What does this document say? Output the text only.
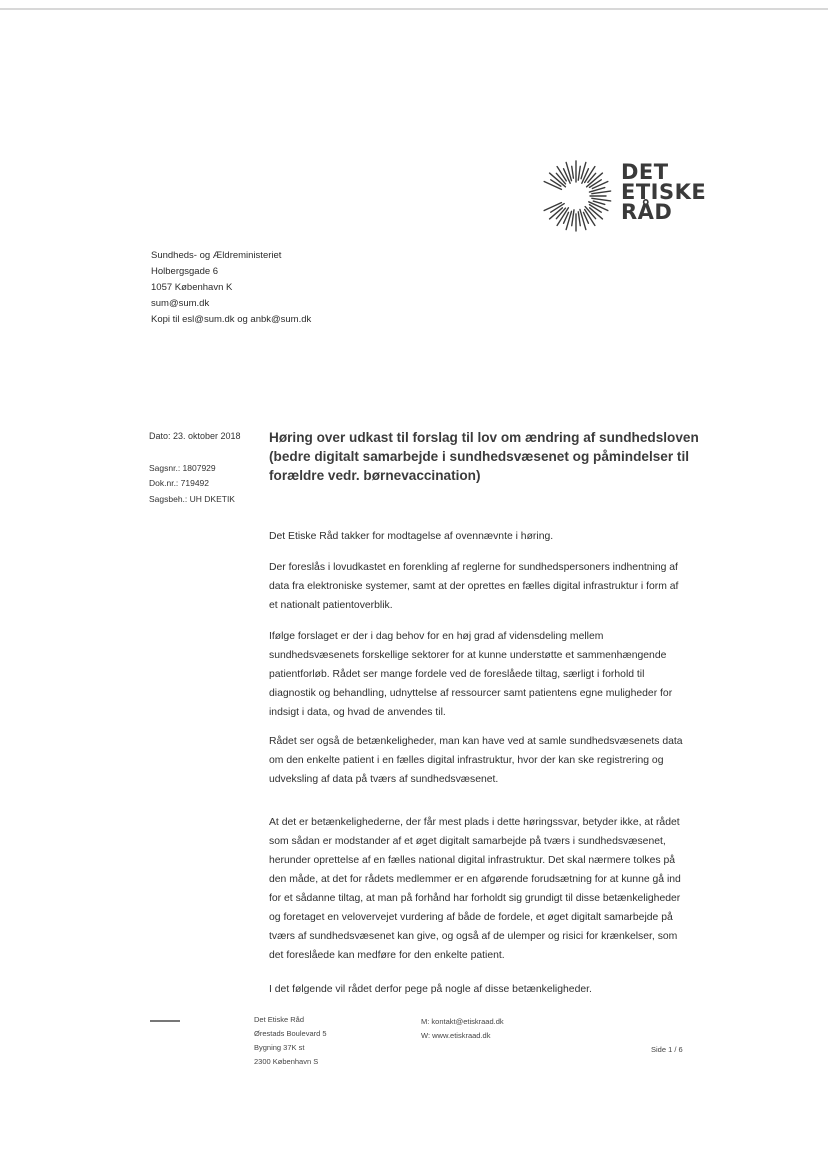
DET
ETISKE
RÅD
Sundheds- og Ældreministeriet
Holbergsgade 6
1057 København K
sum@sum.dk
Kopi til esl@sum.dk og anbk@sum.dk
Dato: 23. oktober 2018
Sagsnr.: 1807929
Dok.nr.: 719492
Sagsbeh.: UH DKETIK
Høring over udkast til forslag til lov om ændring af sundhedsloven (bedre digitalt samarbejde i sundhedsvæsenet og påmindelser til forældre vedr. børnevaccination)
Det Etiske Råd takker for modtagelse af ovennævnte i høring.
Der foreslås i lovudkastet en forenkling af reglerne for sundhedspersoners indhentning af data fra elektroniske systemer, samt at der oprettes en fælles digital infrastruktur i form af et nationalt patientoverblik.
Ifølge forslaget er der i dag behov for en høj grad af vidensdeling mellem sundhedsvæsenets forskellige sektorer for at kunne understøtte et sammenhængende patientforløb. Rådet ser mange fordele ved de foreslåede tiltag, særligt i forhold til diagnostik og behandling, udnyttelse af ressourcer samt patientens egne muligheder for indsigt i data, og hvad de anvendes til.
Rådet ser også de betænkeligheder, man kan have ved at samle sundhedsvæsenets data om den enkelte patient i en fælles digital infrastruktur, hvor der kan ske registrering og udveksling af data på tværs af sundhedsvæsenet.
At det er betænkelighederne, der får mest plads i dette høringssvar, betyder ikke, at rådet som sådan er modstander af et øget digitalt samarbejde på tværs i sundhedsvæsenet, herunder oprettelse af en fælles national digital infrastruktur. Det skal nærmere tolkes på den måde, at det for rådets medlemmer er en afgørende forudsætning for at kunne gå ind for et sådanne tiltag, at man på forhånd har forholdt sig grundigt til disse betænkeligheder og foretaget en velovervejet vurdering af både de fordele, et øget digitalt samarbejde på tværs af sundhedsvæsenet kan give, og også af de ulemper og risici for krænkelser, som det foreslåede kan medføre for den enkelte patient.
I det følgende vil rådet derfor pege på nogle af disse betænkeligheder.
Det Etiske Råd
Ørestads Boulevard 5
Bygning 37K st
2300 København S
M: kontakt@etiskraad.dk
W: www.etiskraad.dk
Side 1 / 6
